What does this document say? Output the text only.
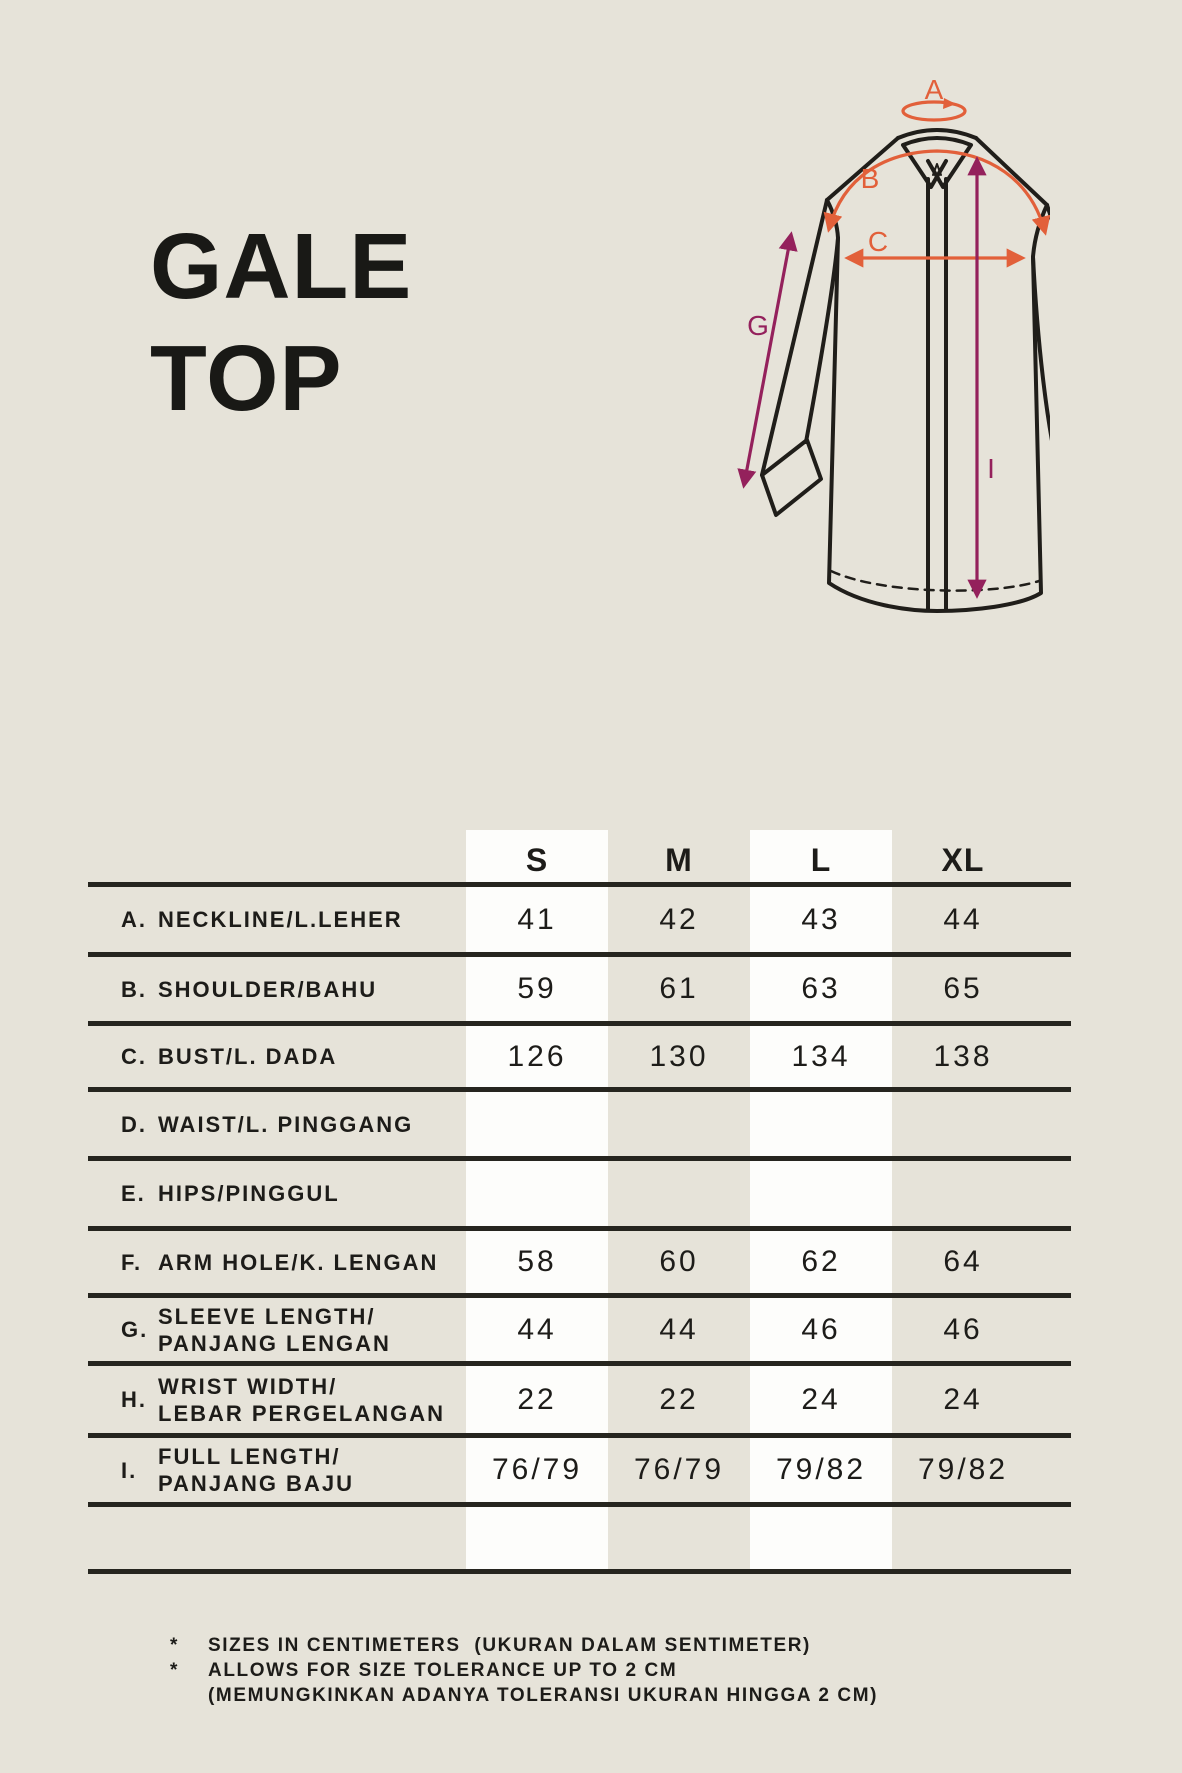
GALE
TOP
A
B
C
G
I
S	M	L	XL
A. NECKLINE/L.LEHER	41	42	43	44
B. SHOULDER/BAHU	59	61	63	65
C. BUST/L. DADA	126	130	134	138
D. WAIST/L. PINGGANG
E. HIPS/PINGGUL
F. ARM HOLE/K. LENGAN	58	60	62	64
G.
SLEEVE LENGTH/
PANJANG LENGAN	44	44	46	46
H.
WRIST WIDTH/
LEBAR PERGELANGAN	22	22	24	24
I.
FULL LENGTH/
PANJANG BAJU	76/79	76/79	79/82	79/82
*	SIZES IN CENTIMETERS  (UKURAN DALAM SENTIMETER)
*	ALLOWS FOR SIZE TOLERANCE UP TO 2 CM
(MEMUNGKINKAN ADANYA TOLERANSI UKURAN HINGGA 2 CM)
